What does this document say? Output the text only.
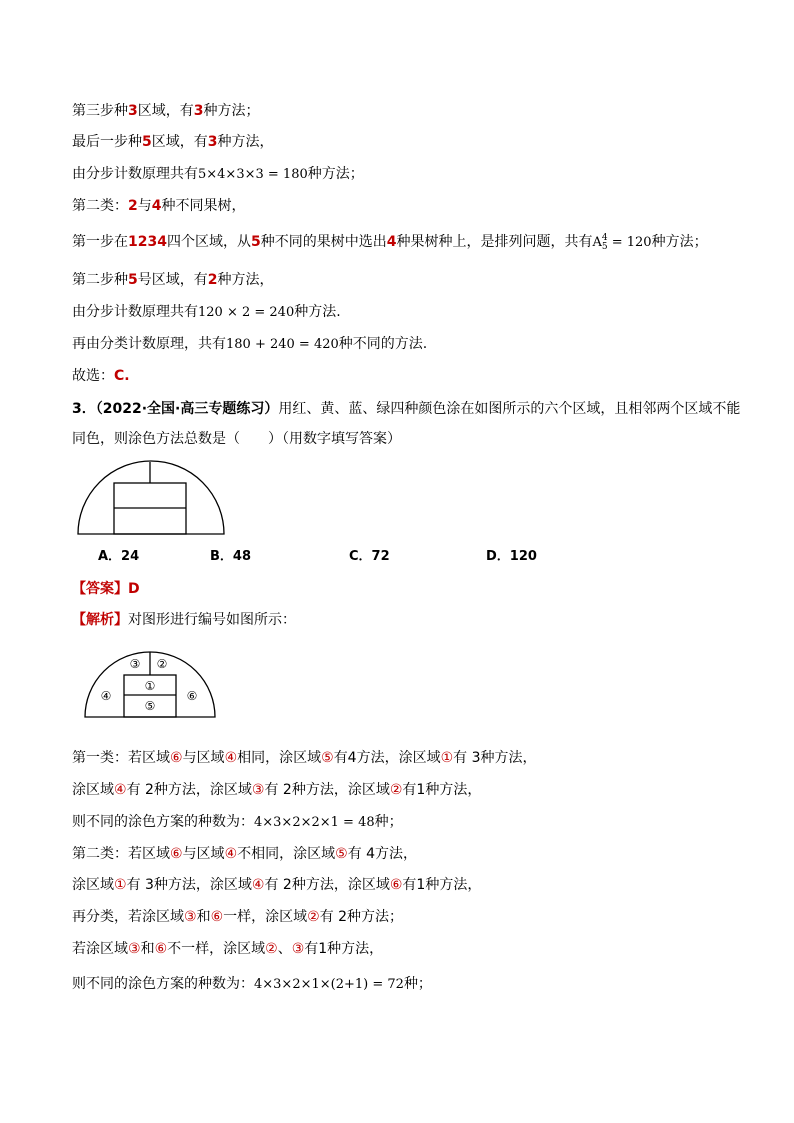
第三步种3区域，有3种方法；
最后一步种5区域，有3种方法，
由分步计数原理共有5×4×3×3 = 180种方法；
第二类：2与4种不同果树，
第一步在1234四个区域，从5种不同的果树中选出4种果树种上，是排列问题，共有A 4
5 = 120种方法；
第二步种5号区域，有2种方法，
由分步计数原理共有120 × 2 = 240种方法.
再由分类计数原理，共有180 + 240 = 420种不同的方法.
故选：C.
3．（2022·全国·高三专题练习）用红、黄、蓝、绿四种颜色涂在如图所示的六个区域，且相邻两个区域不能
同色，则涂色方法总数是（　　）（用数字填写答案）
A．24	B．48	C．72	D．120
【答案】D
【解析】对图形进行编号如图所示：
③ ②
①
⑤
④	⑥
第一类：若区域⑥与区域④相同，涂区域⑤有4方法，涂区域①有 3种方法，
涂区域④有 2种方法，涂区域③有 2种方法，涂区域②有1种方法，
则不同的涂色方案的种数为：4×3×2×2×1 = 48种；
第二类：若区域⑥与区域④不相同，涂区域⑤有 4方法，
涂区域①有 3种方法，涂区域④有 2种方法，涂区域⑥有1种方法，
再分类，若涂区域③和⑥一样，涂区域②有 2种方法；
若涂区域③和⑥不一样，涂区域②、③有1种方法，
则不同的涂色方案的种数为：4×3×2×1×(2+1) = 72种；
